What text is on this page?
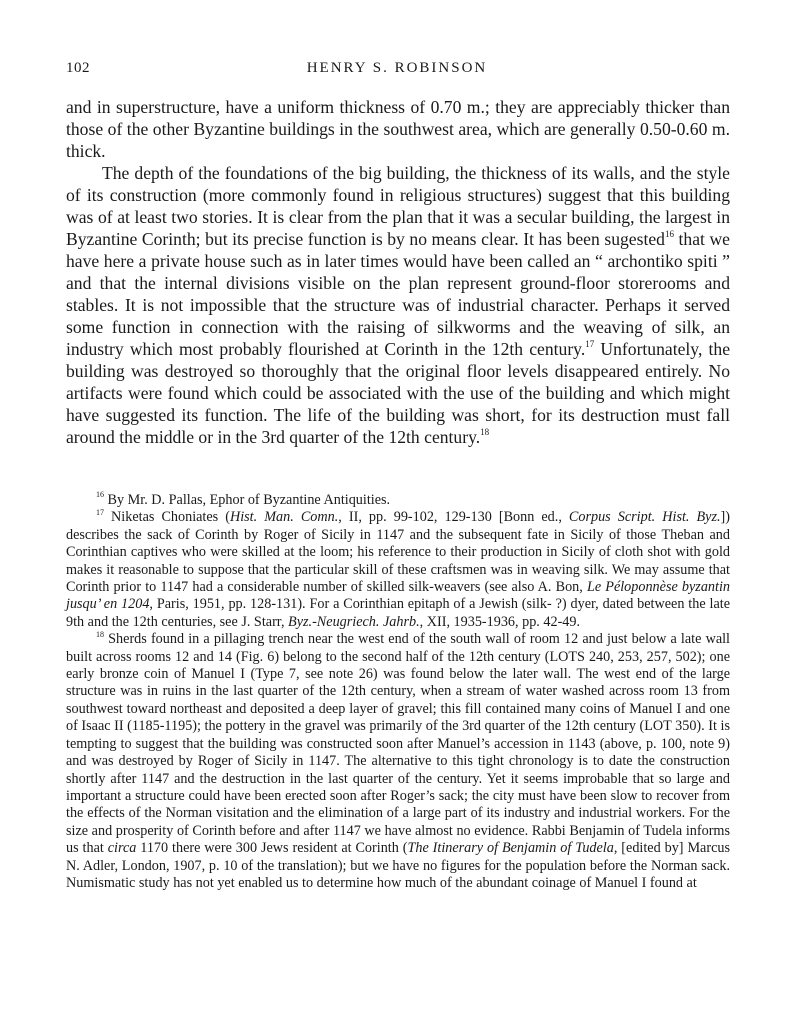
102	HENRY S. ROBINSON

and in superstructure, have a uniform thickness of 0.70 m.; they are appreciably thicker than those of the other Byzantine buildings in the southwest area, which are generally 0.50-0.60 m. thick.

The depth of the foundations of the big building, the thickness of its walls, and the style of its construction (more commonly found in religious structures) suggest that this building was of at least two stories. It is clear from the plan that it was a secular building, the largest in Byzantine Corinth; but its precise function is by no means clear. It has been sugested$^{16}$ that we have here a private house such as in later times would have been called an “ archontiko spiti ” and that the internal divisions visible on the plan represent ground-floor storerooms and stables. It is not impossible that the structure was of industrial character. Perhaps it served some function in connection with the raising of silkworms and the weaving of silk, an industry which most probably flourished at Corinth in the 12th century.$^{17}$ Unfortunately, the building was destroyed so thoroughly that the original floor levels disappeared entirely. No artifacts were found which could be associated with the use of the building and which might have suggested its function. The life of the building was short, for its destruction must fall around the middle or in the 3rd quarter of the 12th century.$^{18}$

$^{16}$ By Mr. D. Pallas, Ephor of Byzantine Antiquities.

$^{17}$ Niketas Choniates (Hist. Man. Comn., II, pp. 99-102, 129-130 [Bonn ed., Corpus Script. Hist. Byz.]) describes the sack of Corinth by Roger of Sicily in 1147 and the subsequent fate in Sicily of those Theban and Corinthian captives who were skilled at the loom; his reference to their production in Sicily of cloth shot with gold makes it reasonable to suppose that the particular skill of these craftsmen was in weaving silk. We may assume that Corinth prior to 1147 had a considerable number of skilled silk-weavers (see also A. Bon, Le Péloponnèse byzantin jusqu’ en 1204, Paris, 1951, pp. 128-131). For a Corinthian epitaph of a Jewish (silk- ?) dyer, dated between the late 9th and the 12th centuries, see J. Starr, Byz.-Neugriech. Jahrb., XII, 1935-1936, pp. 42-49.

$^{18}$ Sherds found in a pillaging trench near the west end of the south wall of room 12 and just below a late wall built across rooms 12 and 14 (Fig. 6) belong to the second half of the 12th century (LOTS 240, 253, 257, 502); one early bronze coin of Manuel I (Type 7, see note 26) was found below the later wall. The west end of the large structure was in ruins in the last quarter of the 12th century, when a stream of water washed across room 13 from southwest toward northeast and deposited a deep layer of gravel; this fill contained many coins of Manuel I and one of Isaac II (1185-1195); the pottery in the gravel was primarily of the 3rd quarter of the 12th century (LOT 350). It is tempting to suggest that the building was constructed soon after Manuel’s accession in 1143 (above, p. 100, note 9) and was destroyed by Roger of Sicily in 1147. The alternative to this tight chronology is to date the construction shortly after 1147 and the destruction in the last quarter of the century. Yet it seems improbable that so large and important a structure could have been erected soon after Roger’s sack; the city must have been slow to recover from the effects of the Norman visitation and the elimination of a large part of its industry and industrial workers. For the size and prosperity of Corinth before and after 1147 we have almost no evidence. Rabbi Benjamin of Tudela informs us that circa 1170 there were 300 Jews resident at Corinth (The Itinerary of Benjamin of Tudela, [edited by] Marcus N. Adler, London, 1907, p. 10 of the translation); but we have no figures for the population before the Norman sack. Numismatic study has not yet enabled us to determine how much of the abundant coinage of Manuel I found at
